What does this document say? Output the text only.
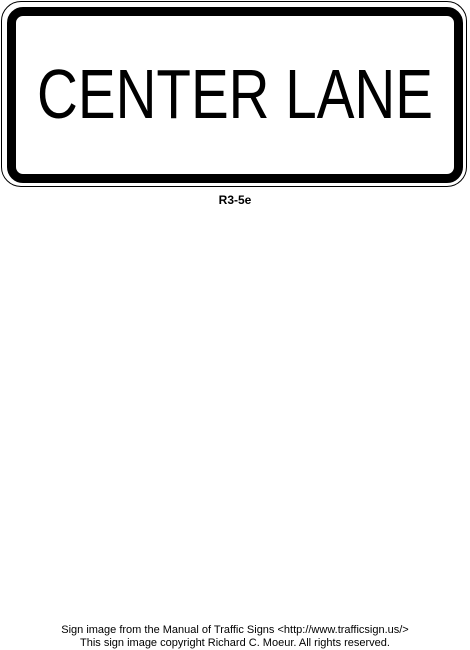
CENTER LANE
R3-5e
Sign image from the Manual of Traffic Signs <http://www.trafficsign.us/>
This sign image copyright Richard C. Moeur. All rights reserved.
